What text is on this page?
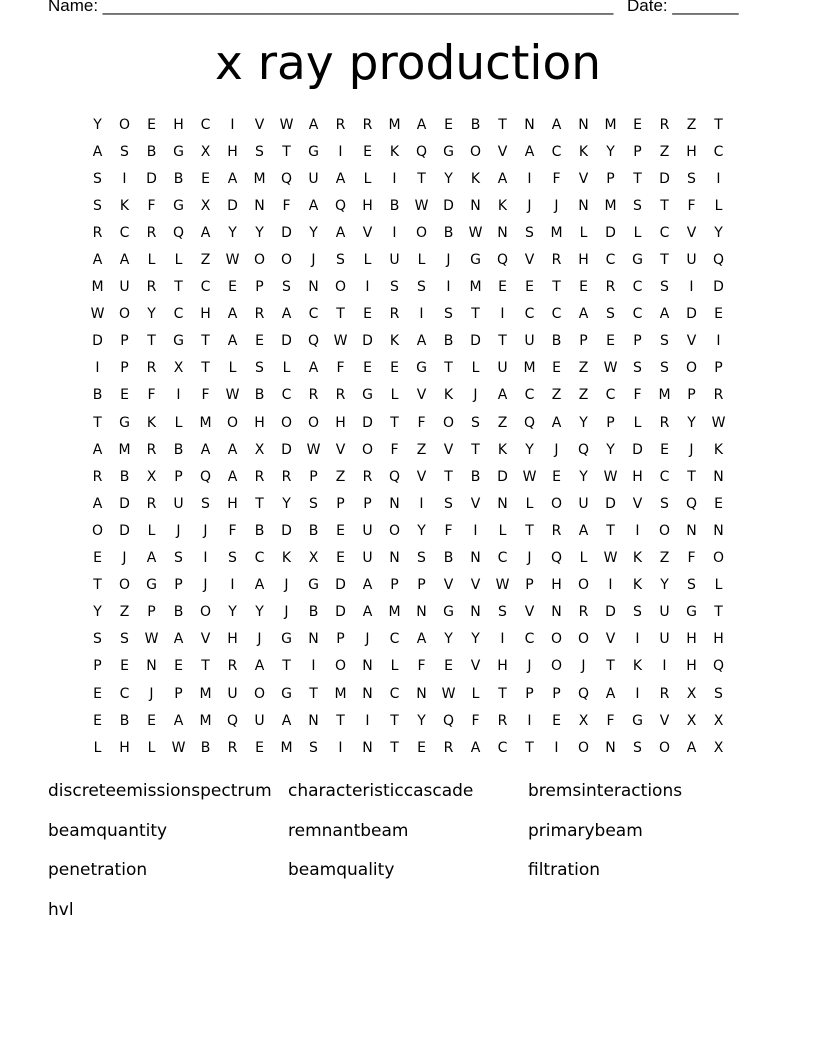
Name: ______________________________________________________ Date: _______
x ray production
Y	O	E	H	C	I	V	W	A	R	R	M	A	E	B	T	N	A	N	M	E	R	Z	T
A	S	B	G	X	H	S	T	G	I	E	K	Q	G	O	V	A	C	K	Y	P	Z	H	C
S	I	D	B	E	A	M	Q	U	A	L	I	T	Y	K	A	I	F	V	P	T	D	S	I
S	K	F	G	X	D	N	F	A	Q	H	B	W	D	N	K	J	J	N	M	S	T	F	L
R	C	R	Q	A	Y	Y	D	Y	A	V	I	O	B	W	N	S	M	L	D	L	C	V	Y
A	A	L	L	Z	W	O	O	J	S	L	U	L	J	G	Q	V	R	H	C	G	T	U	Q
M	U	R	T	C	E	P	S	N	O	I	S	S	I	M	E	E	T	E	R	C	S	I	D
W	O	Y	C	H	A	R	A	C	T	E	R	I	S	T	I	C	C	A	S	C	A	D	E
D	P	T	G	T	A	E	D	Q	W	D	K	A	B	D	T	U	B	P	E	P	S	V	I
I	P	R	X	T	L	S	L	A	F	E	E	G	T	L	U	M	E	Z	W	S	S	O	P
B	E	F	I	F	W	B	C	R	R	G	L	V	K	J	A	C	Z	Z	C	F	M	P	R
T	G	K	L	M	O	H	O	O	H	D	T	F	O	S	Z	Q	A	Y	P	L	R	Y	W
A	M	R	B	A	A	X	D	W	V	O	F	Z	V	T	K	Y	J	Q	Y	D	E	J	K
R	B	X	P	Q	A	R	R	P	Z	R	Q	V	T	B	D	W	E	Y	W	H	C	T	N
A	D	R	U	S	H	T	Y	S	P	P	N	I	S	V	N	L	O	U	D	V	S	Q	E
O	D	L	J	J	F	B	D	B	E	U	O	Y	F	I	L	T	R	A	T	I	O	N	N
E	J	A	S	I	S	C	K	X	E	U	N	S	B	N	C	J	Q	L	W	K	Z	F	O
T	O	G	P	J	I	A	J	G	D	A	P	P	V	V	W	P	H	O	I	K	Y	S	L
Y	Z	P	B	O	Y	Y	J	B	D	A	M	N	G	N	S	V	N	R	D	S	U	G	T
S	S	W	A	V	H	J	G	N	P	J	C	A	Y	Y	I	C	O	O	V	I	U	H	H
P	E	N	E	T	R	A	T	I	O	N	L	F	E	V	H	J	O	J	T	K	I	H	Q
E	C	J	P	M	U	O	G	T	M	N	C	N	W	L	T	P	P	Q	A	I	R	X	S
E	B	E	A	M	Q	U	A	N	T	I	T	Y	Q	F	R	I	E	X	F	G	V	X	X
L	H	L	W	B	R	E	M	S	I	N	T	E	R	A	C	T	I	O	N	S	O	A	X
discreteemissionspectrum characteristiccascade	bremsinteractions
beamquantity	remnantbeam	primarybeam
penetration	beamquality	filtration
hvl
